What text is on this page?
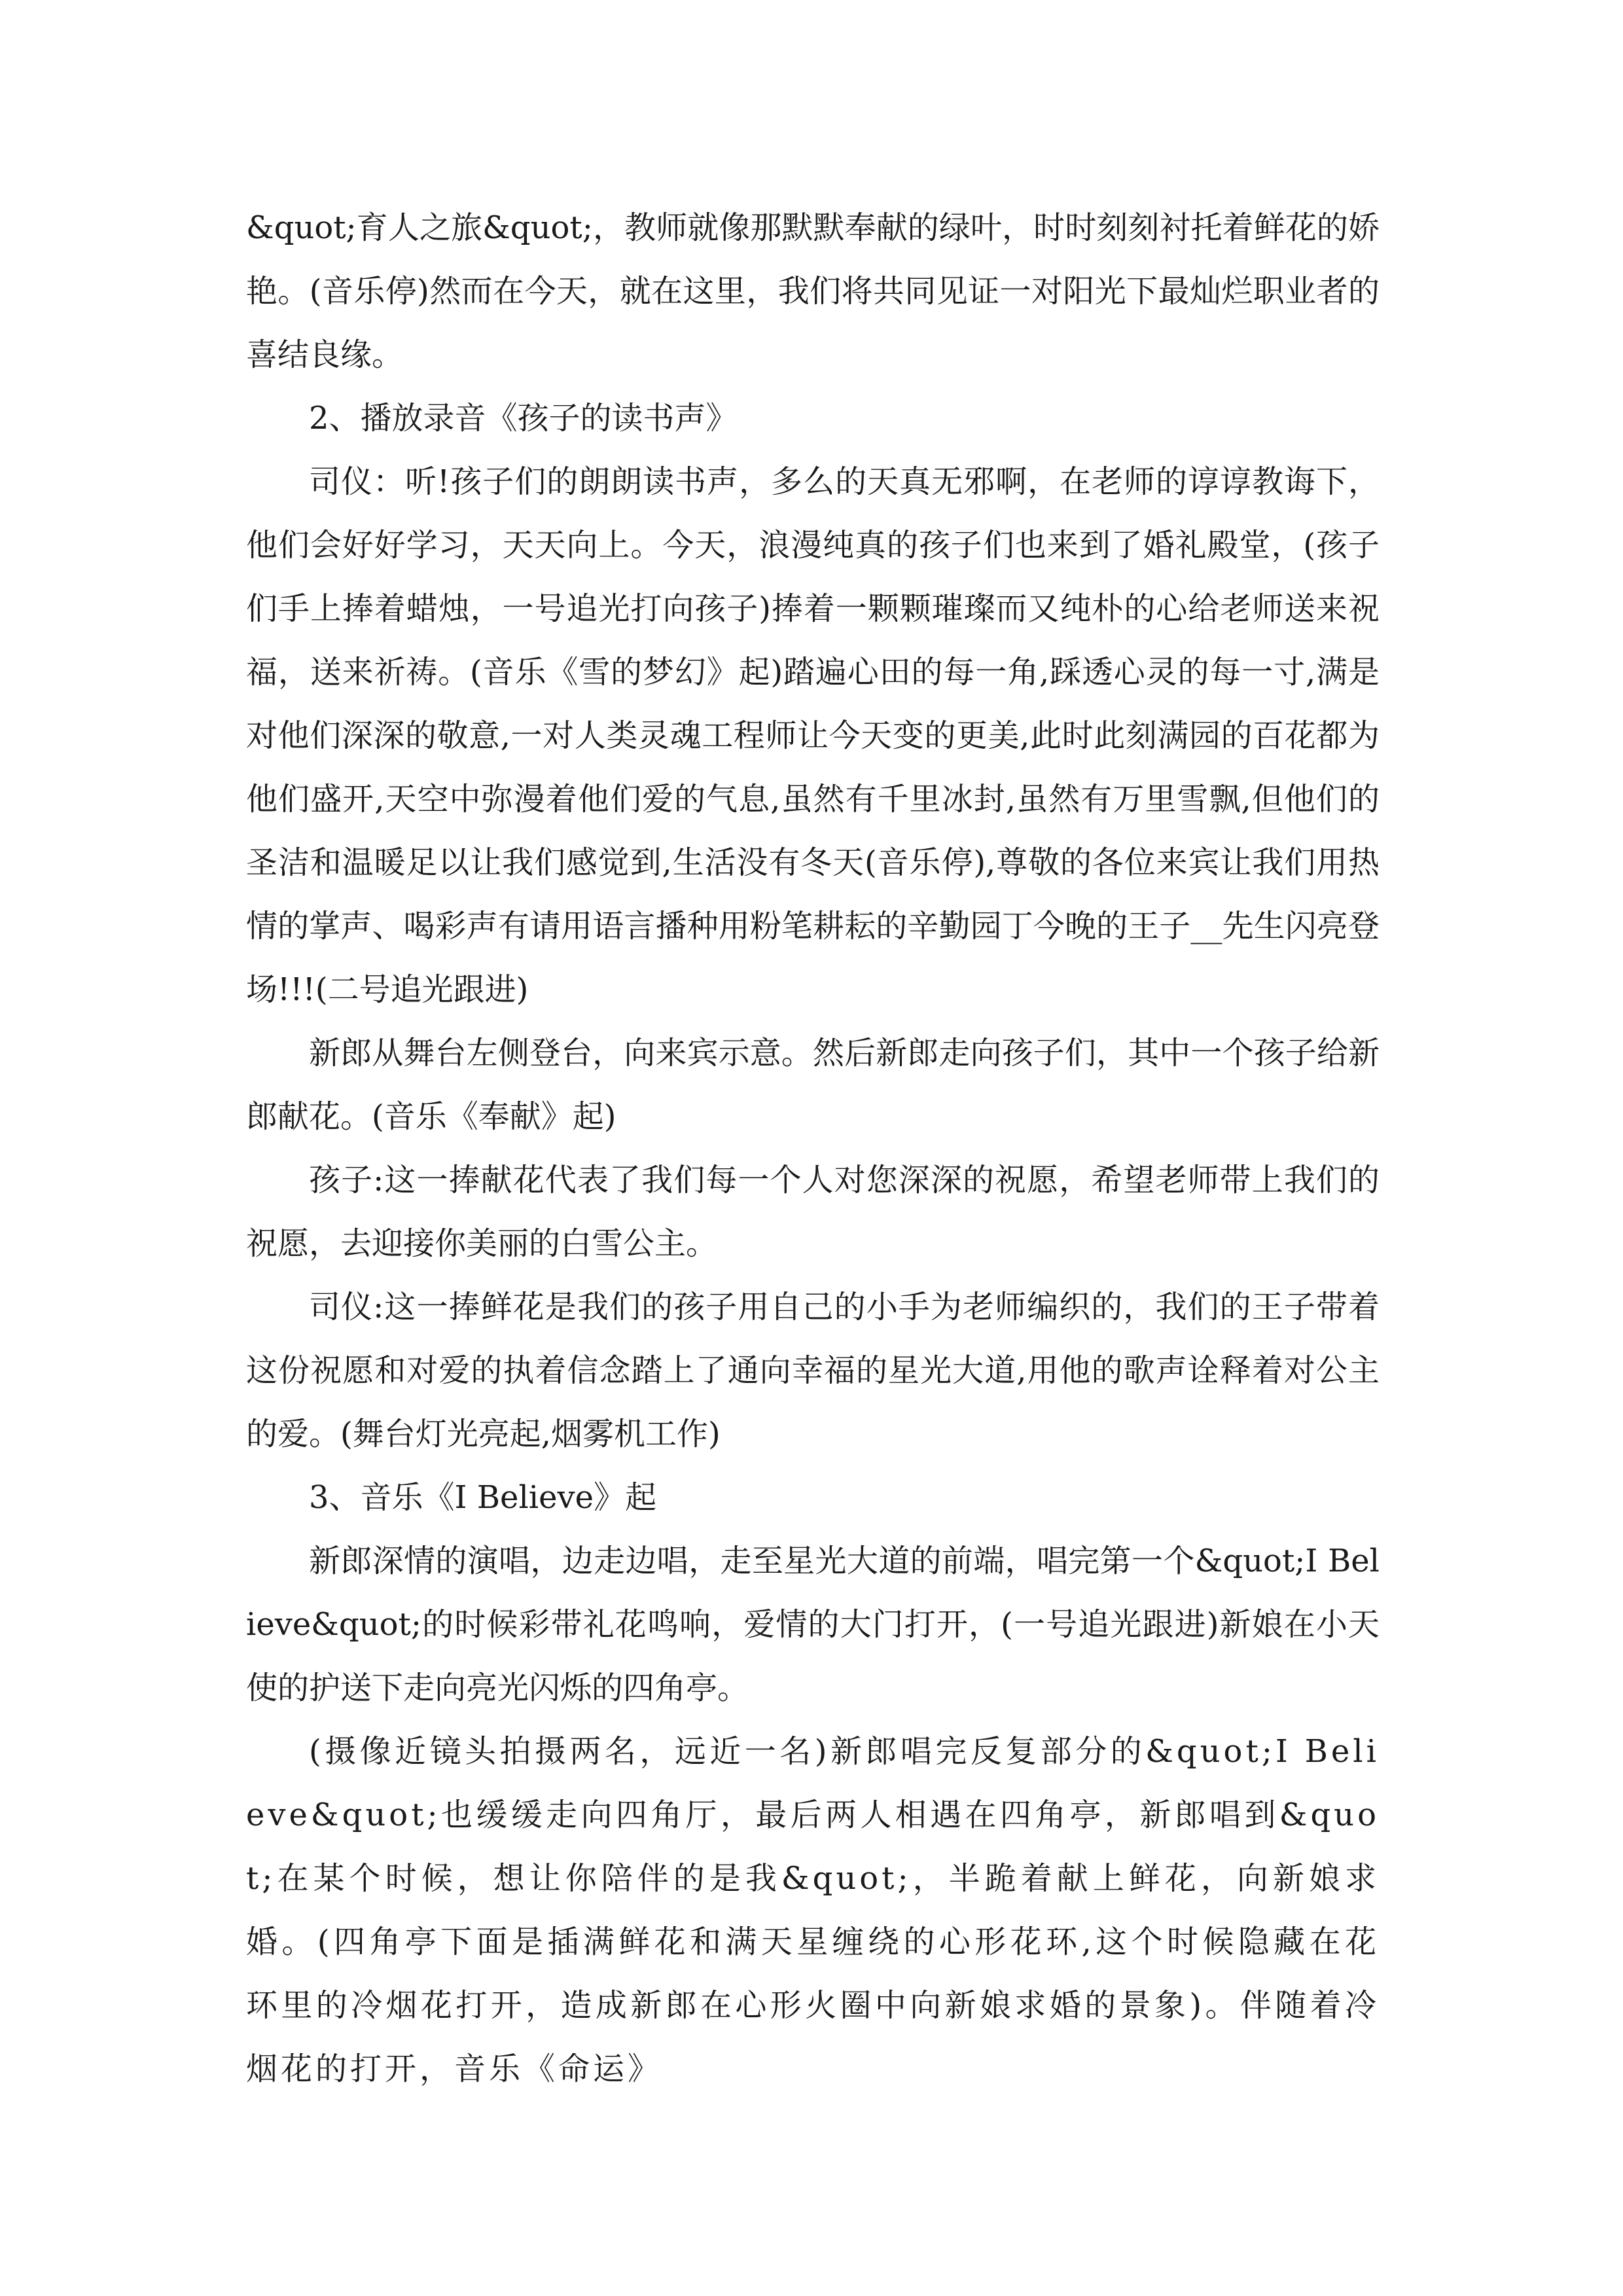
&quot;育人之旅&quot;，教师就像那默默奉献的绿叶，时时刻刻衬托着鲜花的娇艳。(音乐停)然而在今天，就在这里，我们将共同见证一对阳光下最灿烂职业者的喜结良缘。

2、播放录音《孩子的读书声》

司仪：听!孩子们的朗朗读书声，多么的天真无邪啊，在老师的谆谆教诲下，他们会好好学习，天天向上。今天，浪漫纯真的孩子们也来到了婚礼殿堂，(孩子们手上捧着蜡烛，一号追光打向孩子)捧着一颗颗璀璨而又纯朴的心给老师送来祝福，送来祈祷。(音乐《雪的梦幻》起)踏遍心田的每一角,踩透心灵的每一寸,满是对他们深深的敬意,一对人类灵魂工程师让今天变的更美,此时此刻满园的百花都为他们盛开,天空中弥漫着他们爱的气息,虽然有千里冰封,虽然有万里雪飘,但他们的圣洁和温暖足以让我们感觉到,生活没有冬天(音乐停),尊敬的各位来宾让我们用热情的掌声、喝彩声有请用语言播种用粉笔耕耘的辛勤园丁今晚的王子__先生闪亮登场!!!(二号追光跟进)

新郎从舞台左侧登台，向来宾示意。然后新郎走向孩子们，其中一个孩子给新郎献花。(音乐《奉献》起)

孩子:这一捧献花代表了我们每一个人对您深深的祝愿，希望老师带上我们的祝愿，去迎接你美丽的白雪公主。

司仪:这一捧鲜花是我们的孩子用自己的小手为老师编织的，我们的王子带着这份祝愿和对爱的执着信念踏上了通向幸福的星光大道,用他的歌声诠释着对公主的爱。(舞台灯光亮起,烟雾机工作)

3、音乐《I Believe》起

新郎深情的演唱，边走边唱，走至星光大道的前端，唱完第一个&quot;I Believe&quot;的时候彩带礼花鸣响，爱情的大门打开，(一号追光跟进)新娘在小天使的护送下走向亮光闪烁的四角亭。

(摄像近镜头拍摄两名，远近一名)新郎唱完反复部分的&quot;I Believe&quot;也缓缓走向四角厅，最后两人相遇在四角亭，新郎唱到&quot;在某个时候，想让你陪伴的是我&quot;，半跪着献上鲜花，向新娘求婚。(四角亭下面是插满鲜花和满天星缠绕的心形花环,这个时候隐藏在花环里的冷烟花打开，造成新郎在心形火圈中向新娘求婚的景象)。伴随着冷烟花的打开，音乐《命运》
